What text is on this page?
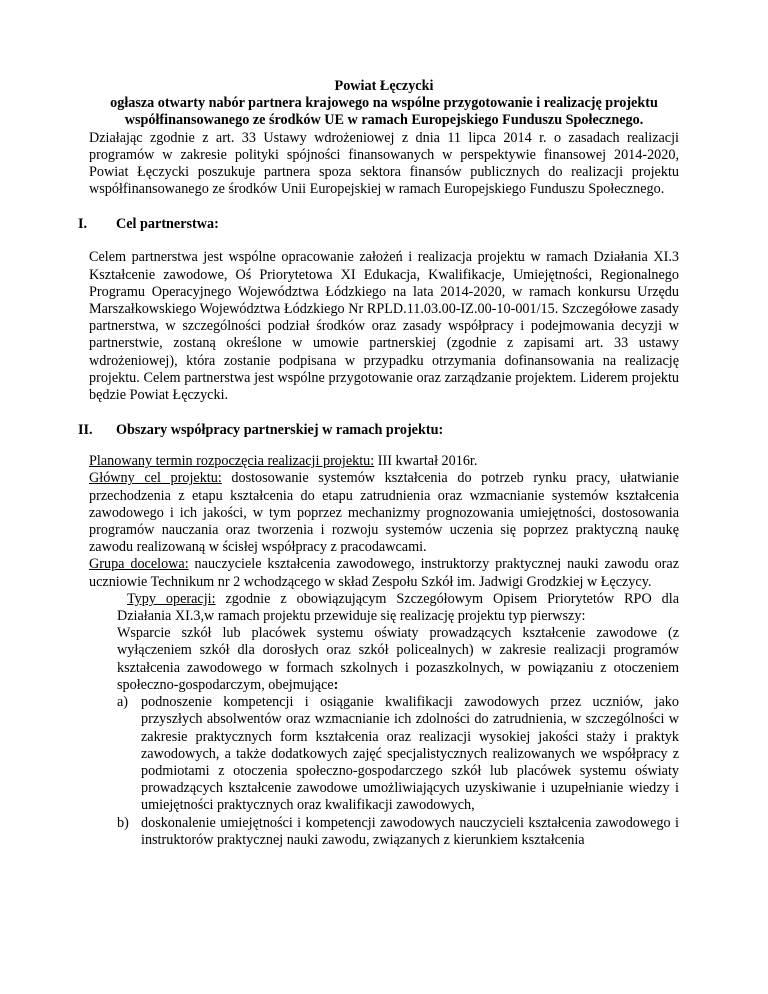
Powiat Łęczycki

ogłasza otwarty nabór partnera krajowego na wspólne przygotowanie i realizację projektu

współfinansowanego ze środków UE w ramach Europejskiego Funduszu Społecznego.

Działając zgodnie z art. 33 Ustawy wdrożeniowej z dnia 11 lipca 2014 r. o zasadach realizacji programów w zakresie polityki spójności finansowanych w perspektywie finansowej 2014-2020, Powiat Łęczycki poszukuje partnera spoza sektora finansów publicznych do realizacji projektu współfinansowanego ze środków Unii Europejskiej w ramach Europejskiego Funduszu Społecznego.

I. Cel partnerstwa:

Celem partnerstwa jest wspólne opracowanie założeń i realizacja projektu w ramach Działania XI.3 Kształcenie zawodowe, Oś Priorytetowa XI Edukacja, Kwalifikacje, Umiejętności, Regionalnego Programu Operacyjnego Województwa Łódzkiego na lata 2014-2020, w ramach konkursu Urzędu Marszałkowskiego Województwa Łódzkiego Nr RPLD.11.03.00-IZ.00-10-001/15. Szczegółowe zasady partnerstwa, w szczególności podział środków oraz zasady współpracy i podejmowania decyzji w partnerstwie, zostaną określone w umowie partnerskiej (zgodnie z zapisami art. 33 ustawy wdrożeniowej), która zostanie podpisana w przypadku otrzymania dofinansowania na realizację projektu. Celem partnerstwa jest wspólne przygotowanie oraz zarządzanie projektem. Liderem projektu będzie Powiat Łęczycki.

II. Obszary współpracy partnerskiej w ramach projektu:

Planowany termin rozpoczęcia realizacji projektu: III kwartał 2016r.

Główny cel projektu: dostosowanie systemów kształcenia do potrzeb rynku pracy, ułatwianie przechodzenia z etapu kształcenia do etapu zatrudnienia oraz wzmacnianie systemów kształcenia zawodowego i ich jakości, w tym poprzez mechanizmy prognozowania umiejętności, dostosowania programów nauczania oraz tworzenia i rozwoju systemów uczenia się poprzez praktyczną naukę zawodu realizowaną w ścisłej współpracy z pracodawcami.

Grupa docelowa: nauczyciele kształcenia zawodowego, instruktorzy praktycznej nauki zawodu oraz uczniowie Technikum nr 2 wchodzącego w skład Zespołu Szkół im. Jadwigi Grodzkiej w Łęczycy.

Typy operacji: zgodnie z obowiązującym Szczegółowym Opisem Priorytetów RPO dla Działania XI.3,w ramach projektu przewiduje się realizację projektu typ pierwszy:

Wsparcie szkół lub placówek systemu oświaty prowadzących kształcenie zawodowe (z wyłączeniem szkół dla dorosłych oraz szkół policealnych) w zakresie realizacji programów kształcenia zawodowego w formach szkolnych i pozaszkolnych, w powiązaniu z otoczeniem społeczno-gospodarczym, obejmujące:

a) podnoszenie kompetencji i osiąganie kwalifikacji zawodowych przez uczniów, jako przyszłych absolwentów oraz wzmacnianie ich zdolności do zatrudnienia, w szczególności w zakresie praktycznych form kształcenia oraz realizacji wysokiej jakości staży i praktyk zawodowych, a także dodatkowych zajęć specjalistycznych realizowanych we współpracy z podmiotami z otoczenia społeczno-gospodarczego szkół lub placówek systemu oświaty prowadzących kształcenie zawodowe umożliwiających uzyskiwanie i uzupełnianie wiedzy i umiejętności praktycznych oraz kwalifikacji zawodowych,
b) doskonalenie umiejętności i kompetencji zawodowych nauczycieli kształcenia zawodowego i instruktorów praktycznej nauki zawodu, związanych z kierunkiem kształcenia
